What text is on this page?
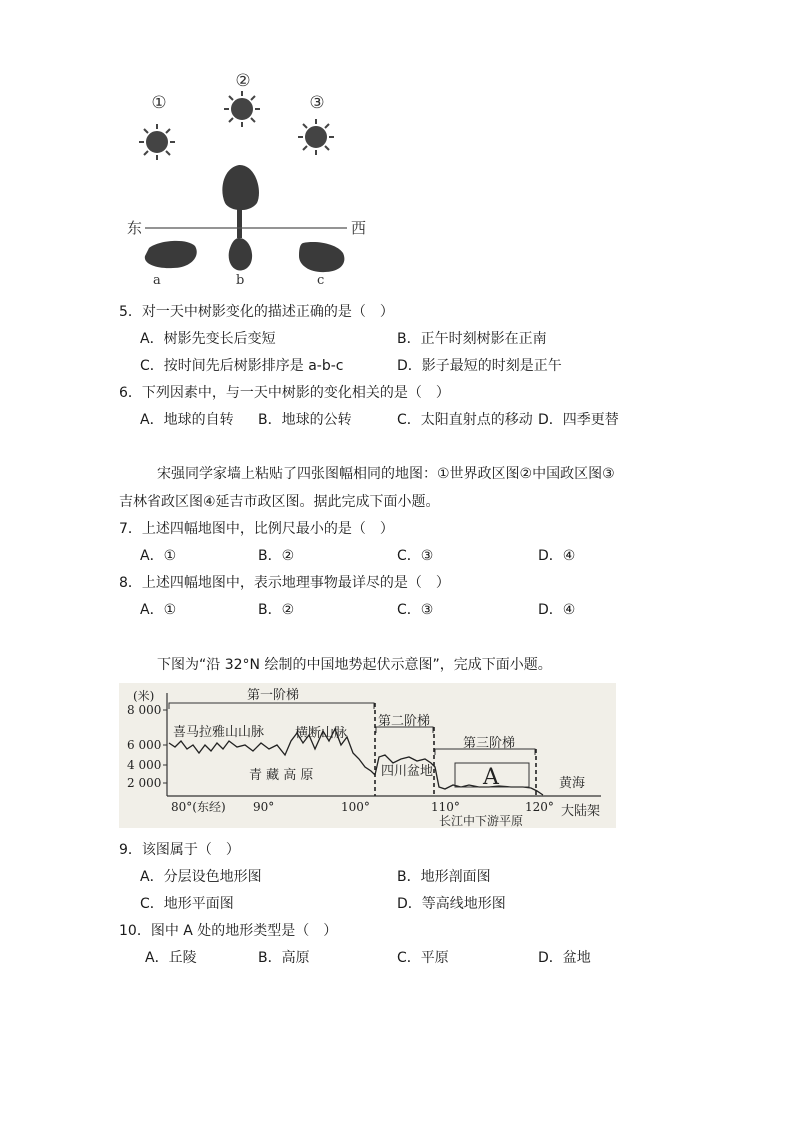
①
②
③
东	西
a	b	c
5．对一天中树影变化的描述正确的是（　）
A．树影先变长后变短	B．正午时刻树影在正南
C．按时间先后树影排序是 a-b-c	D．影子最短的时刻是正午
6．下列因素中，与一天中树影的变化相关的是（　）
A．地球的自转 B．地球的公转	C．太阳直射点的移动 D．四季更替
宋强同学家墙上粘贴了四张图幅相同的地图：①世界政区图②中国政区图③
吉林省政区图④延吉市政区图。据此完成下面小题。
7．上述四幅地图中，比例尺最小的是（　）
A．①	B．②	C．③	D．④
8．上述四幅地图中，表示地理事物最详尽的是（　）
A．①	B．②	C．③	D．④
下图为“沿 32°N 绘制的中国地势起伏示意图”，完成下面小题。
(米)
8 000
6 000
4 000
2 000
80°(东经) 90°	100°	110°	120°
第一阶梯
第二阶梯
第三阶梯
A
喜马拉雅山山脉 横断山脉
青 藏 高 原	四川盆地
黄海
大陆架
长江中下游平原
9．该图属于（　）
A．分层设色地形图	B．地形剖面图
C．地形平面图	D．等高线地形图
10．图中 A 处的地形类型是（　）
A．丘陵	B．高原	C．平原	D．盆地
